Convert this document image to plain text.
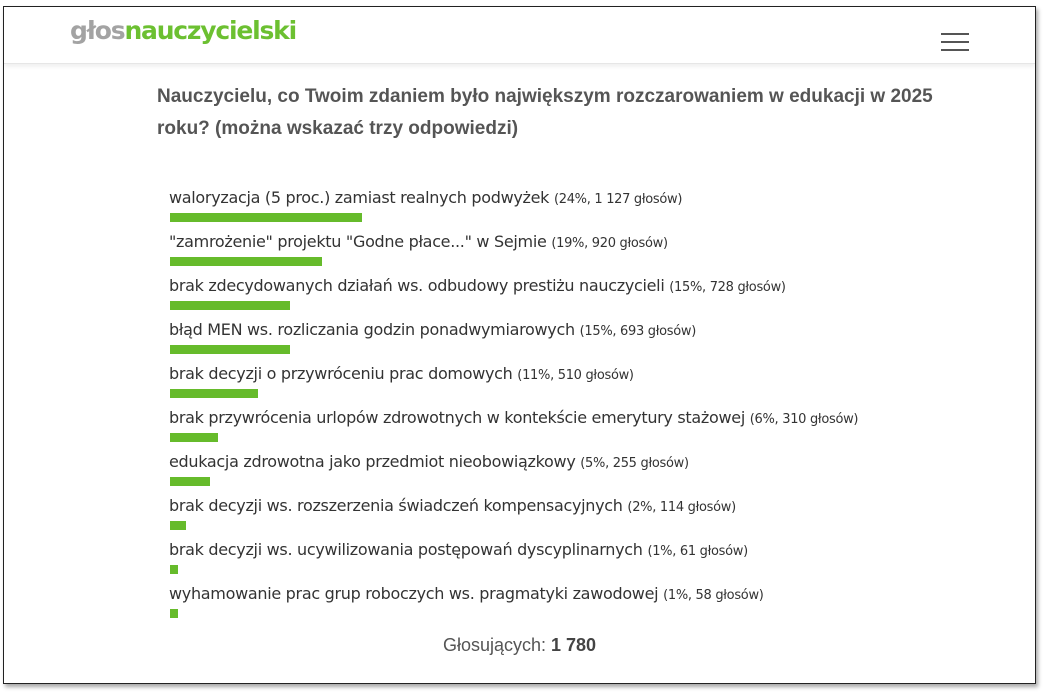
głosnauczycielski
Nauczycielu, co Twoim zdaniem było największym rozczarowaniem w edukacji w 2025 roku? (można wskazać trzy odpowiedzi)
waloryzacja (5 proc.) zamiast realnych podwyżek (24%, 1 127 głosów)
"zamrożenie" projektu "Godne płace..." w Sejmie (19%, 920 głosów)
brak zdecydowanych działań ws. odbudowy prestiżu nauczycieli (15%, 728 głosów)
błąd MEN ws. rozliczania godzin ponadwymiarowych (15%, 693 głosów)
brak decyzji o przywróceniu prac domowych (11%, 510 głosów)
brak przywrócenia urlopów zdrowotnych w kontekście emerytury stażowej (6%, 310 głosów)
edukacja zdrowotna jako przedmiot nieobowiązkowy (5%, 255 głosów)
brak decyzji ws. rozszerzenia świadczeń kompensacyjnych (2%, 114 głosów)
brak decyzji ws. ucywilizowania postępowań dyscyplinarnych (1%, 61 głosów)
wyhamowanie prac grup roboczych ws. pragmatyki zawodowej (1%, 58 głosów)
Głosujących: 1 780
